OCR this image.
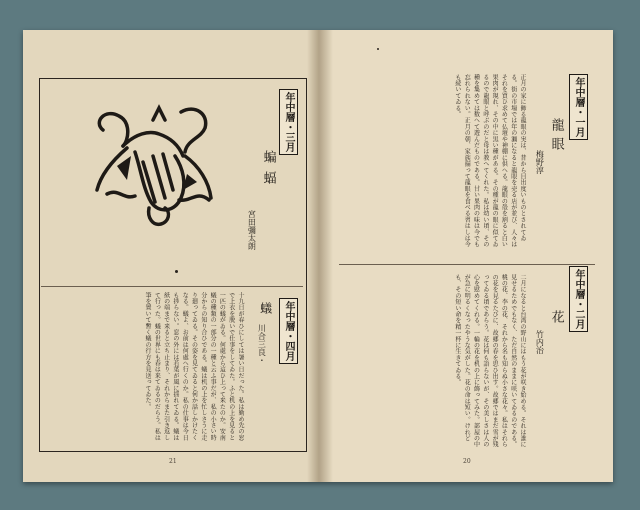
年中層・三月
蝙蝠
宮田彌太朗
年中層・四月
蟻
川合三良・
十九日が春ひにしては暑い日だった。私は勤め先の窓で上衣を脱いで仕事をしてゐた。ふと机の上を見ると一匹の蟻がゐる。何處から這ひ上って来たのか。安南蟻の種類の一部分の一種と云ふ事だが、私の小さい時分からの知り合ひである。蟻は机の上を忙しさうに走り廻ってゐる。その姿を見てゐると何か話しかけたくなる。蟻よ、お前は何處へ行くのか。私の仕事は今日も捗らない。窓の外には若葉が風に揺れてゐる。蟻は紙の端まで来ると立ち止まり、それからまた引き返して行った。蟻の世界にも春は来てゐるのだらう。私は筆を置いて暫く蟻の行方を見送ってゐた。
21
年中層・一月
龍眼
梅野淳
正月の家に飾る龍眼の実は、昔から目出度いものとされてゐる。街の市場では年の瀬になると龍眼を売る店が並び、人々はそれを買ひ求めて仏壇や神棚に供へる。龍眼の殻を割ると白い果肉が現れ、その中に黒い種がある。その種が龍の眼に似てゐるので龍眼と呼ぶのだと母は教へてくれた。私は幼い頃、その種を集めては数へて遊んだものである。甘い果肉の味は今でも忘れられない。正月の朝、家族揃って龍眼を食べる習はしは今も続いてゐる。
年中層・二月
花
竹内治
二月になると台湾の野山にはもう花が咲き始める。それは誰に見せるためでもなく、ただ自然のままに咲いてゐるのである。桃の花、李の花、それから名も知らぬ小さな花々。私はそれらの花を見るたびに、故郷の春を思ひ出す。故郷ではまだ雪が残ってゐる頃であらう。花は何も語らないが、その美しさは人の心を慰めてくれる。一輪の花を机の上に飾ってみた。部屋の中が急に明るくなったやうな気がした。花の命は短い。けれども、その短い命を精一杯に生きてゐる。
20
